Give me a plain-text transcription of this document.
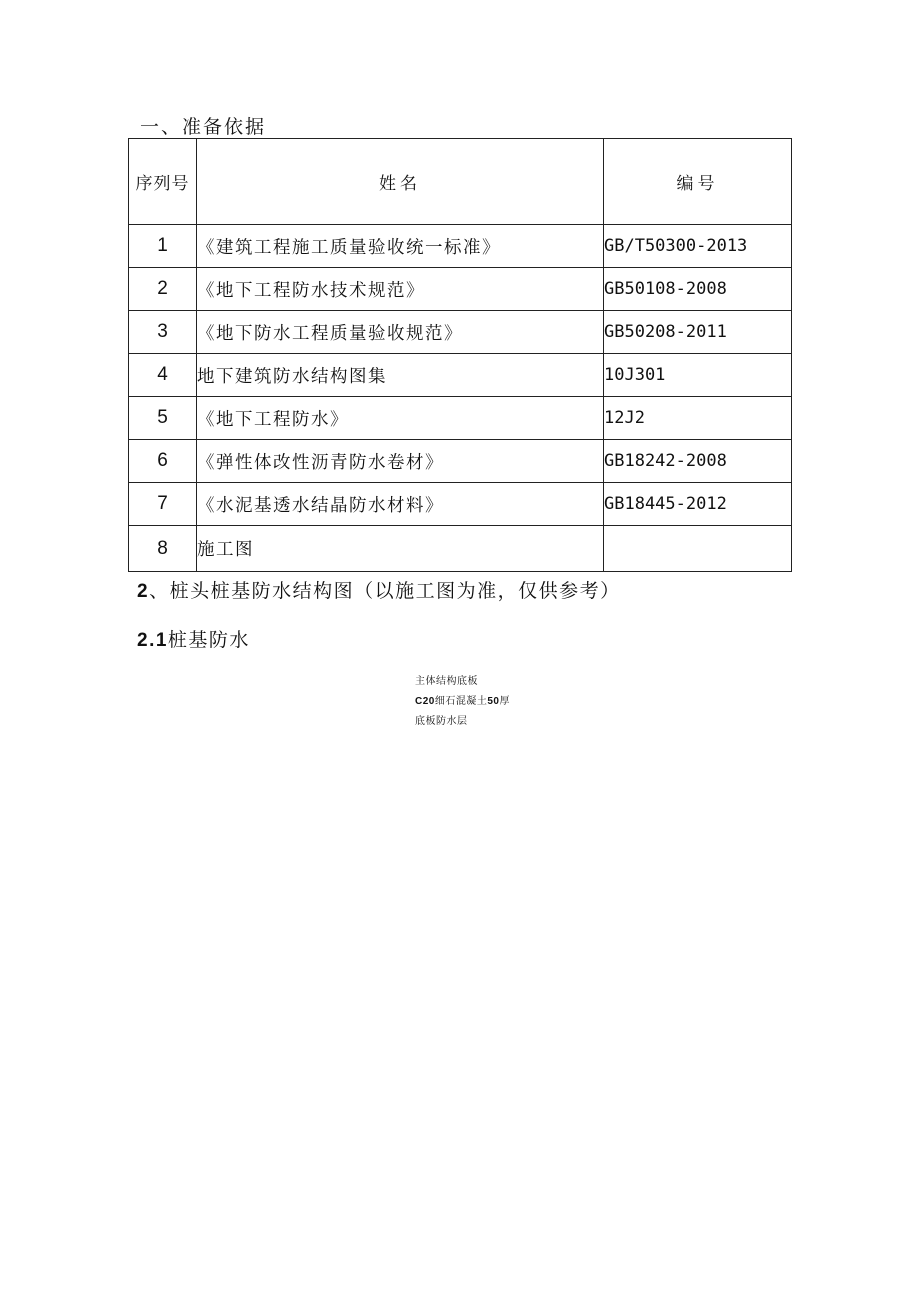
一、准备依据
序列号	姓名	编号
1	《建筑工程施工质量验收统一标准》	GB/T50300-2013
2	《地下工程防水技术规范》	GB50108-2008
3	《地下防水工程质量验收规范》	GB50208-2011
4	地下建筑防水结构图集	10J301
5	《地下工程防水》	12J2
6	《弹性体改性沥青防水卷材》	GB18242-2008
7	《水泥基透水结晶防水材料》	GB18445-2012
8	施工图	
2、桩头桩基防水结构图（以施工图为准，仅供参考）
2.1桩基防水
主体结构底板
C20细石混凝土50厚
底板防水层
